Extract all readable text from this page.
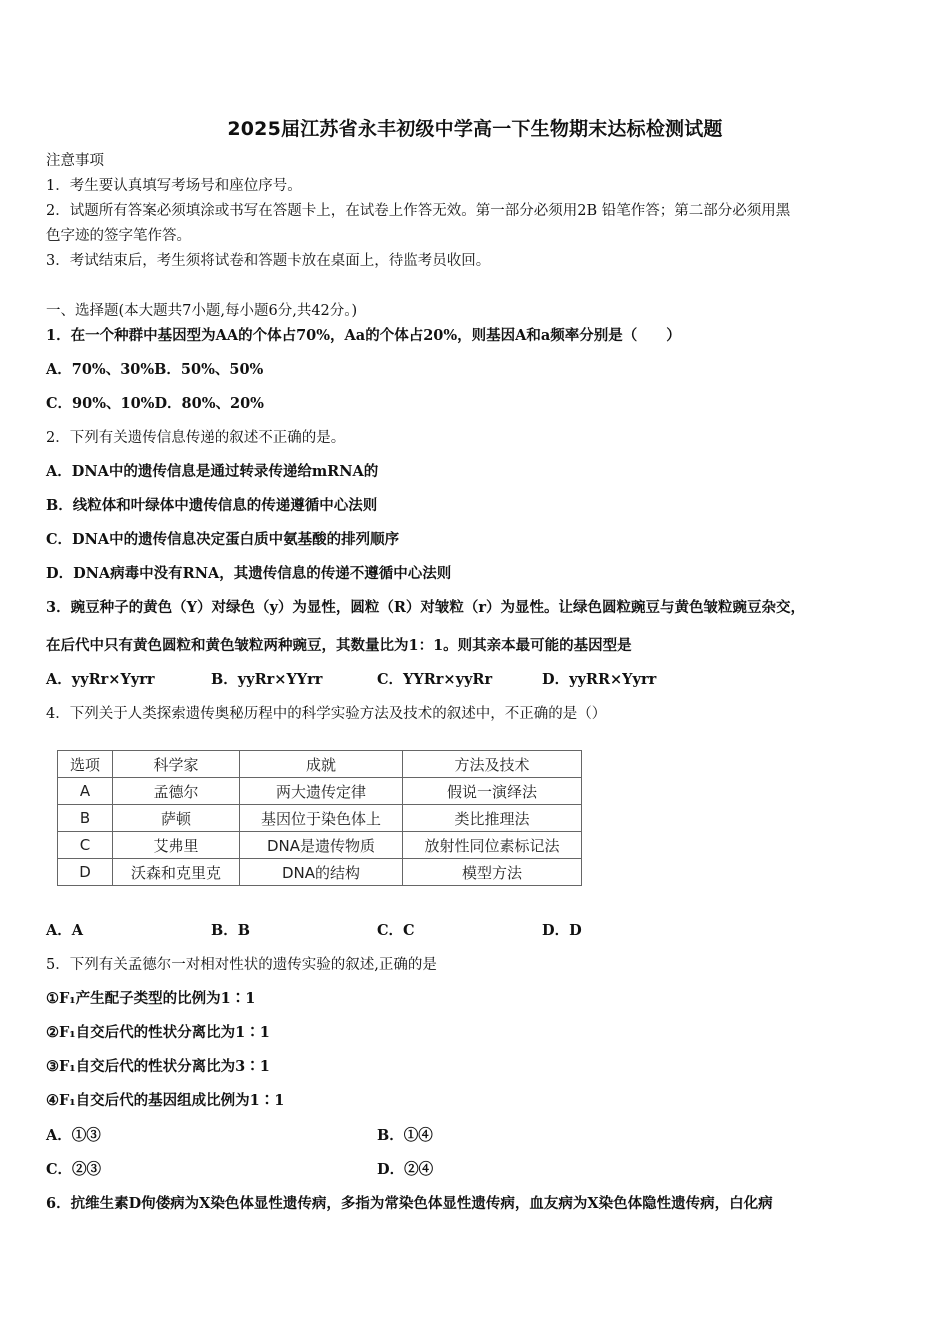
2025届江苏省永丰初级中学高一下生物期末达标检测试题
注意事项
1．考生要认真填写考场号和座位序号。
2．试题所有答案必须填涂或书写在答题卡上，在试卷上作答无效。第一部分必须用2B 铅笔作答；第二部分必须用黑
色字迹的签字笔作答。
3．考试结束后，考生须将试卷和答题卡放在桌面上，待监考员收回。
一、选择题(本大题共7小题,每小题6分,共42分。)
1．在一个种群中基因型为AA的个体占70%，Aa的个体占20%，则基因A和a频率分别是（　　）
A．70%、30%B．50%、50%
C．90%、10%D．80%、20%
2．下列有关遗传信息传递的叙述不正确的是。
A．DNA中的遗传信息是通过转录传递给mRNA的
B．线粒体和叶绿体中遗传信息的传递遵循中心法则
C．DNA中的遗传信息决定蛋白质中氨基酸的排列顺序
D．DNA病毒中没有RNA，其遗传信息的传递不遵循中心法则
3．豌豆种子的黄色（Y）对绿色（y）为显性，圆粒（R）对皱粒（r）为显性。让绿色圆粒豌豆与黄色皱粒豌豆杂交，
在后代中只有黄色圆粒和黄色皱粒两种豌豆，其数量比为1：1。则其亲本最可能的基因型是
A．yyRr×Yyrr	B．yyRr×YYrr	C．YYRr×yyRr	D．yyRR×Yyrr
4．下列关于人类探索遗传奥秘历程中的科学实验方法及技术的叙述中，不正确的是（）
选项	科学家	成就	方法及技术
A	孟德尔	两大遗传定律	假说一演绎法
B	萨顿	基因位于染色体上	类比推理法
C	艾弗里	DNA是遗传物质	放射性同位素标记法
D	沃森和克里克	DNA的结构	模型方法
A．A	B．B	C．C	D．D
5．下列有关孟德尔一对相对性状的遗传实验的叙述,正确的是
①F₁产生配子类型的比例为1∶1
②F₁自交后代的性状分离比为1∶1
③F₁自交后代的性状分离比为3∶1
④F₁自交后代的基因组成比例为1∶1
A．①③	B．①④
C．②③	D．②④
6．抗维生素D佝偻病为X染色体显性遗传病，多指为常染色体显性遗传病，血友病为X染色体隐性遗传病，白化病
